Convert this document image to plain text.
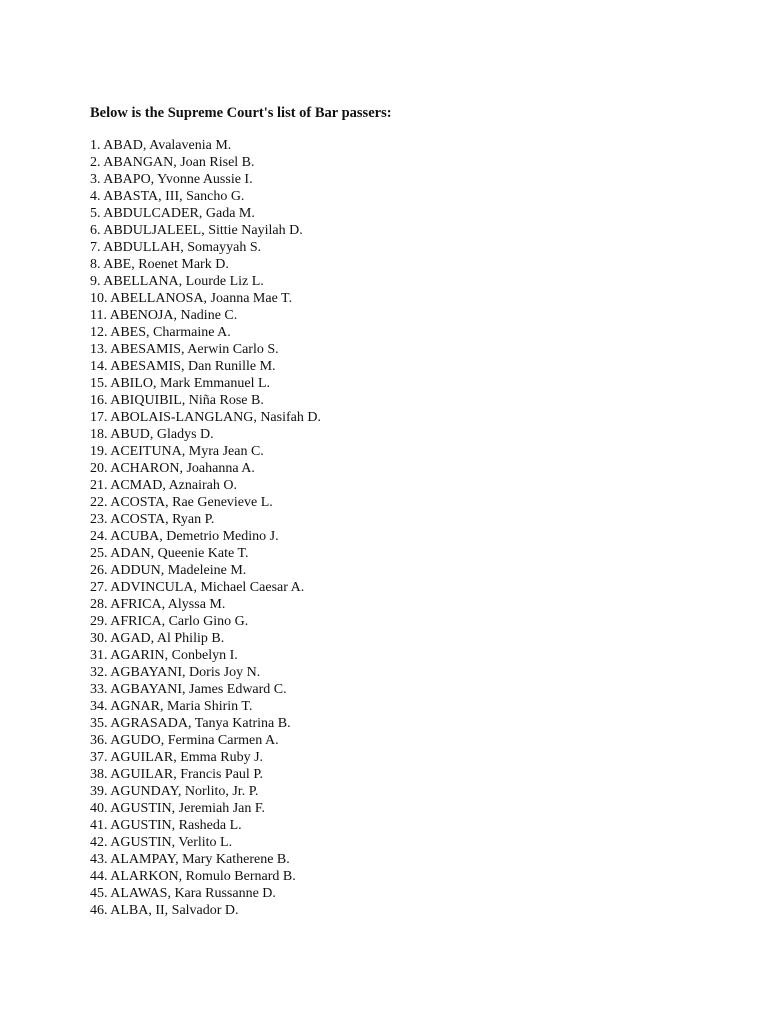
Below is the Supreme Court's list of Bar passers:
1. ABAD, Avalavenia M.
2. ABANGAN, Joan Risel B.
3. ABAPO, Yvonne Aussie I.
4. ABASTA, III, Sancho G.
5. ABDULCADER, Gada M.
6. ABDULJALEEL, Sittie Nayilah D.
7. ABDULLAH, Somayyah S.
8. ABE, Roenet Mark D.
9. ABELLANA, Lourde Liz L.
10. ABELLANOSA, Joanna Mae T.
11. ABENOJA, Nadine C.
12. ABES, Charmaine A.
13. ABESAMIS, Aerwin Carlo S.
14. ABESAMIS, Dan Runille M.
15. ABILO, Mark Emmanuel L.
16. ABIQUIBIL, Niña Rose B.
17. ABOLAIS-LANGLANG, Nasifah D.
18. ABUD, Gladys D.
19. ACEITUNA, Myra Jean C.
20. ACHARON, Joahanna A.
21. ACMAD, Aznairah O.
22. ACOSTA, Rae Genevieve L.
23. ACOSTA, Ryan P.
24. ACUBA, Demetrio Medino J.
25. ADAN, Queenie Kate T.
26. ADDUN, Madeleine M.
27. ADVINCULA, Michael Caesar A.
28. AFRICA, Alyssa M.
29. AFRICA, Carlo Gino G.
30. AGAD, Al Philip B.
31. AGARIN, Conbelyn I.
32. AGBAYANI, Doris Joy N.
33. AGBAYANI, James Edward C.
34. AGNAR, Maria Shirin T.
35. AGRASADA, Tanya Katrina B.
36. AGUDO, Fermina Carmen A.
37. AGUILAR, Emma Ruby J.
38. AGUILAR, Francis Paul P.
39. AGUNDAY, Norlito, Jr. P.
40. AGUSTIN, Jeremiah Jan F.
41. AGUSTIN, Rasheda L.
42. AGUSTIN, Verlito L.
43. ALAMPAY, Mary Katherene B.
44. ALARKON, Romulo Bernard B.
45. ALAWAS, Kara Russanne D.
46. ALBA, II, Salvador D.
